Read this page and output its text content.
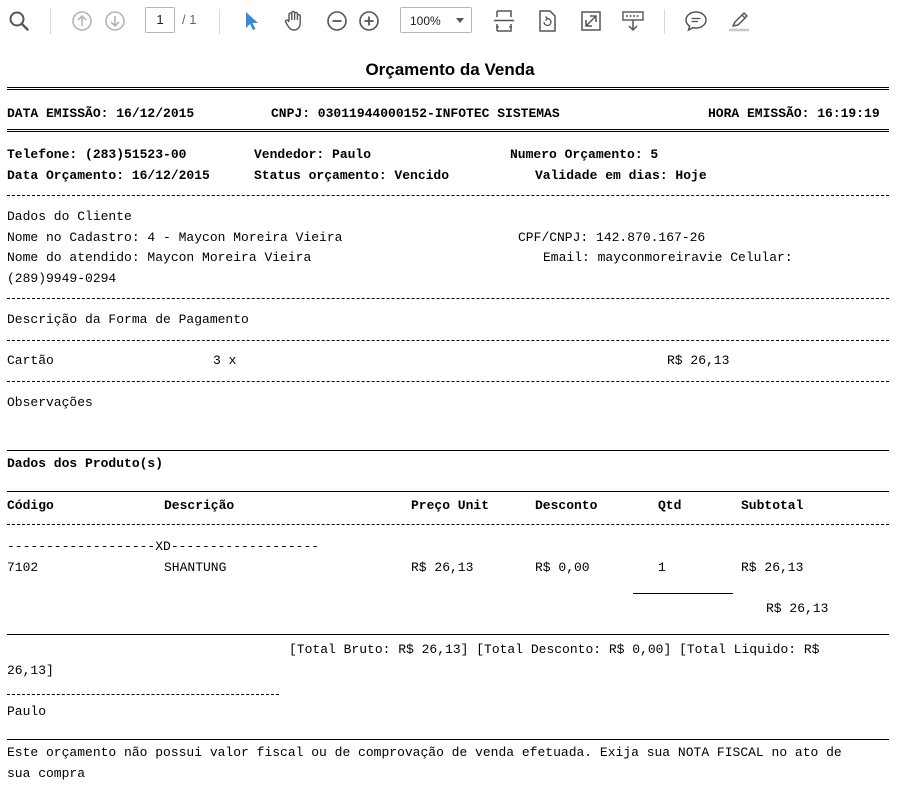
1	/ 1	100%
Orçamento da Venda
DATA EMISSÃO: 16/12/2015	CNPJ: 03011944000152-INFOTEC SISTEMAS	HORA EMISSÃO: 16:19:19
Telefone: (283)51523-00	Vendedor: Paulo	Numero Orçamento: 5
Data Orçamento: 16/12/2015	Status orçamento: Vencido	Validade em dias: Hoje
Dados do Cliente
Nome no Cadastro: 4 - Maycon Moreira Vieira	CPF/CNPJ: 142.870.167-26
Nome do atendido: Maycon Moreira Vieira	Email: mayconmoreiravie Celular:
(289)9949-0294
Descrição da Forma de Pagamento
Cartão	3 x	R$ 26,13
Observações
Dados dos Produto(s)
Código	Descrição	Preço Unit	Desconto	Qtd	Subtotal
-------------------XD-------------------
7102	SHANTUNG	R$ 26,13	R$ 0,00	1	R$ 26,13
R$ 26,13
[Total Bruto: R$ 26,13] [Total Desconto: R$ 0,00] [Total Liquido: R$
26,13]
Paulo
Este orçamento não possui valor fiscal ou de comprovação de venda efetuada. Exija sua NOTA FISCAL no ato de
sua compra
